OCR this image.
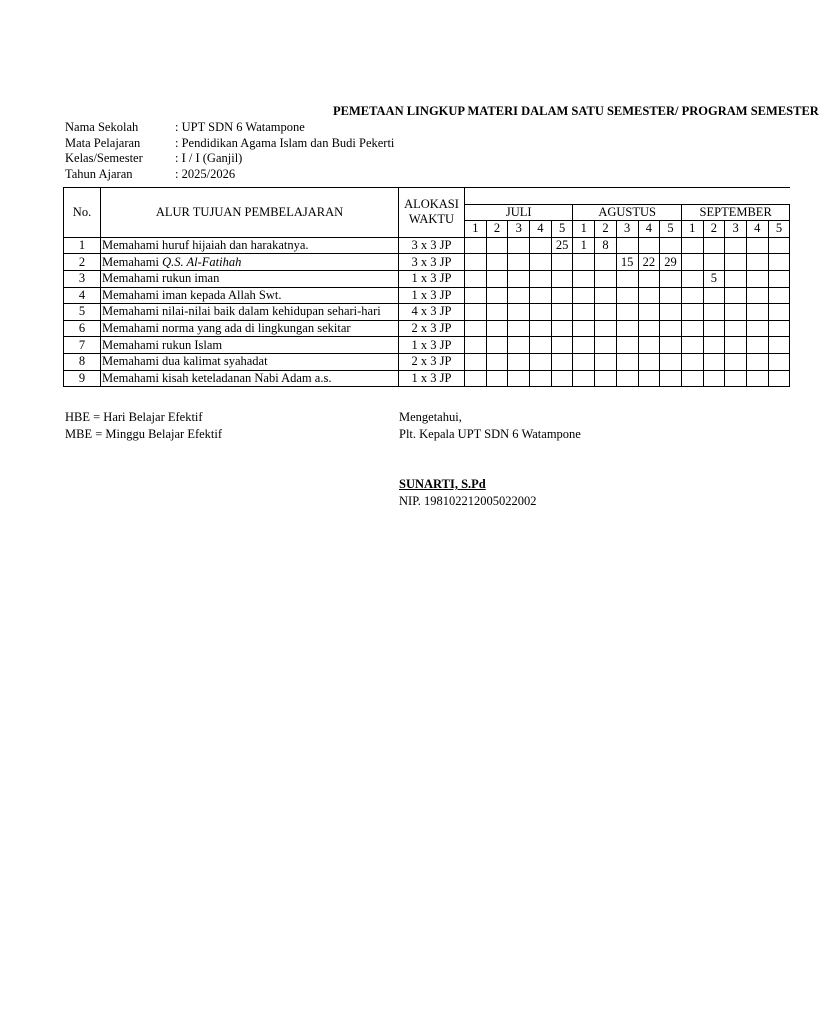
PEMETAAN LINGKUP MATERI DALAM SATU SEMESTER/ PROGRAM SEMESTER
Nama Sekolah	: UPT SDN 6 Watampone
Mata Pelajaran	: Pendidikan Agama Islam dan Budi Pekerti
Kelas/Semester	: I / I (Ganjil)
Tahun Ajaran	: 2025/2026
No.	ALUR TUJUAN PEMBELAJARAN	ALOKASI
WAKTU															

			JULI					AGUSTUS					SEPTEMBER				
			1	2	3	4	5	1	2	3	4	5	1	2	3	4	5
1	Memahami huruf hijaiah dan harakatnya.	3 x 3 JP					25	1	8								
2	Memahami Q.S. Al-Fatihah	3 x 3 JP								15	22	29					
3	Memahami rukun iman	1 x 3 JP												5			
4	Memahami iman kepada Allah Swt.	1 x 3 JP															
5	Memahami nilai-nilai baik dalam kehidupan sehari-hari	4 x 3 JP															
6	Memahami norma yang ada di lingkungan sekitar	2 x 3 JP															
7	Memahami rukun Islam	1 x 3 JP															
8	Memahami dua kalimat syahadat	2 x 3 JP															
9	Memahami kisah keteladanan Nabi Adam a.s.	1 x 3 JP															
HBE = Hari Belajar Efektif
MBE = Minggu Belajar Efektif
Mengetahui,
Plt. Kepala UPT SDN 6 Watampone
SUNARTI, S.Pd
NIP. 198102212005022002
